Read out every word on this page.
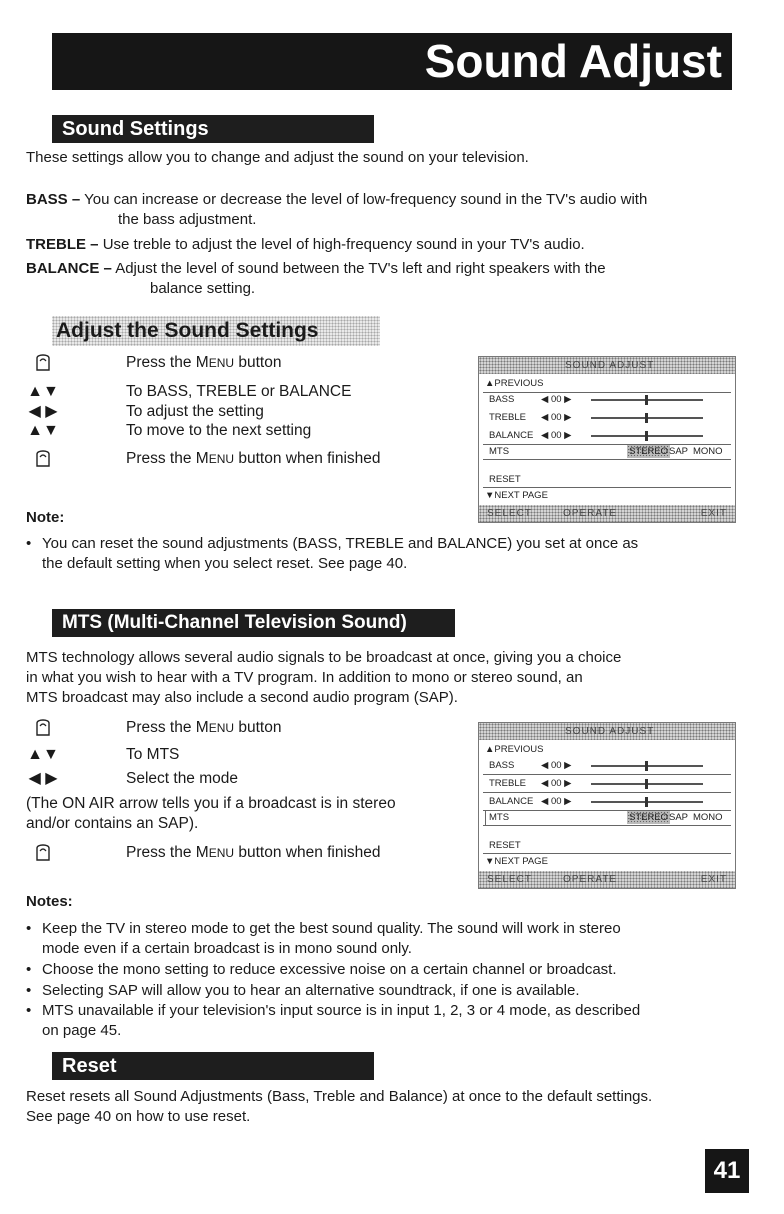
Sound Adjust
Sound Settings
These settings allow you to change and adjust the sound on your television.
BASS – You can increase or decrease the level of low-frequency sound in the TV's audio with
the bass adjustment.
TREBLE – Use treble to adjust the level of high-frequency sound in your TV's audio.
BALANCE – Adjust the level of sound between the TV's left and right speakers with the
balance setting.
Adjust the Sound Settings
Press the MENU button
▲▼	To BASS, TREBLE or BALANCE
◀ ▶	To adjust the setting
▲▼	To move to the next setting
Press the MENU button when finished
Note:
SOUND ADJUST
▲PREVIOUS
BASS	◀ 00 ▶
TREBLE ◀ 00 ▶
BALANCE ◀ 00 ▶
MTS	STEREO SAP MONO
RESET
▼NEXT PAGE
SELECT	OPERATE	EXIT
• You can reset the sound adjustments (BASS, TREBLE and BALANCE) you set at once as
the default setting when you select reset. See page 40.
MTS (Multi-Channel Television Sound)
MTS technology allows several audio signals to be broadcast at once, giving you a choice
in what you wish to hear with a TV program. In addition to mono or stereo sound, an
MTS broadcast may also include a second audio program (SAP).
Press the MENU button
▲▼	To MTS
◀ ▶	Select the mode
(The ON AIR arrow tells you if a broadcast is in stereo
and/or contains an SAP).
Press the MENU button when finished
SOUND ADJUST
▲PREVIOUS
BASS	◀ 00 ▶
TREBLE ◀ 00 ▶
BALANCE ◀ 00 ▶
MTS	STEREO SAP MONO
RESET
▼NEXT PAGE
SELECT	OPERATE	EXIT
Notes:
• Keep the TV in stereo mode to get the best sound quality. The sound will work in stereo
mode even if a certain broadcast is in mono sound only.
• Choose the mono setting to reduce excessive noise on a certain channel or broadcast.
• Selecting SAP will allow you to hear an alternative soundtrack, if one is available.
• MTS unavailable if your television's input source is in input 1, 2, 3 or 4 mode, as described
on page 45.
Reset
Reset resets all Sound Adjustments (Bass, Treble and Balance) at once to the default settings.
See page 40 on how to use reset.
41
